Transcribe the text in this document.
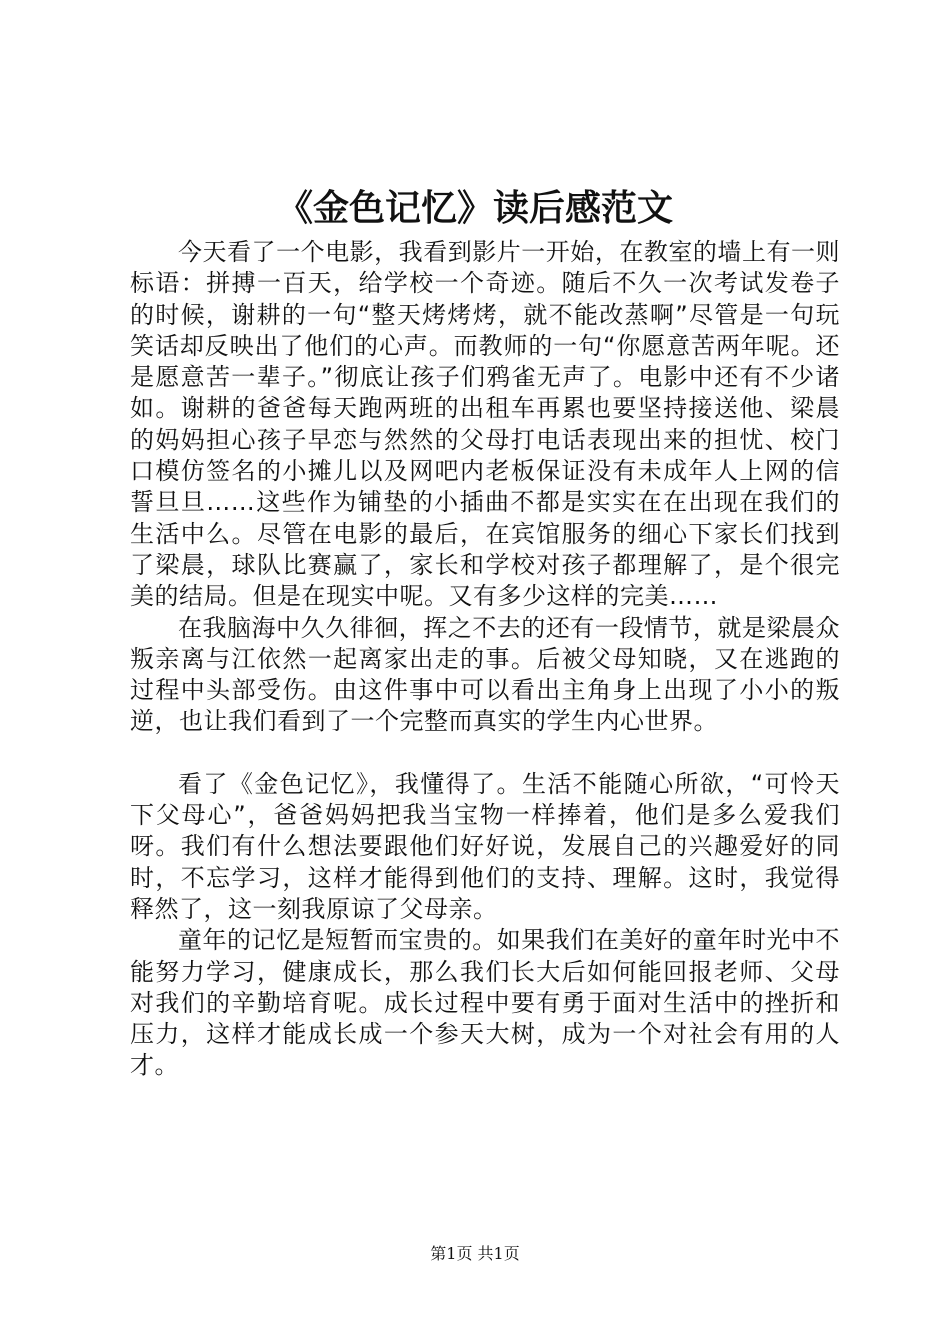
《金色记忆》读后感范文

今天看了一个电影，我看到影片一开始，在教室的墙上有一则标语：拼搏一百天，给学校一个奇迹。随后不久一次考试发卷子的时候，谢耕的一句“整天烤烤烤，就不能改蒸啊”尽管是一句玩笑话却反映出了他们的心声。而教师的一句“你愿意苦两年呢。还是愿意苦一辈子。”彻底让孩子们鸦雀无声了。电影中还有不少诸如。谢耕的爸爸每天跑两班的出租车再累也要坚持接送他、梁晨的妈妈担心孩子早恋与然然的父母打电话表现出来的担忧、校门口模仿签名的小摊儿以及网吧内老板保证没有未成年人上网的信誓旦旦……这些作为铺垫的小插曲不都是实实在在出现在我们的生活中么。尽管在电影的最后，在宾馆服务的细心下家长们找到了梁晨，球队比赛赢了，家长和学校对孩子都理解了，是个很完美的结局。但是在现实中呢。又有多少这样的完美……

在我脑海中久久徘徊，挥之不去的还有一段情节，就是梁晨众叛亲离与江依然一起离家出走的事。后被父母知晓，又在逃跑的过程中头部受伤。由这件事中可以看出主角身上出现了小小的叛逆，也让我们看到了一个完整而真实的学生内心世界。

看了《金色记忆》，我懂得了。生活不能随心所欲，“可怜天下父母心”，爸爸妈妈把我当宝物一样捧着，他们是多么爱我们呀。我们有什么想法要跟他们好好说，发展自己的兴趣爱好的同时，不忘学习，这样才能得到他们的支持、理解。这时，我觉得释然了，这一刻我原谅了父母亲。

童年的记忆是短暂而宝贵的。如果我们在美好的童年时光中不能努力学习，健康成长，那么我们长大后如何能回报老师、父母对我们的辛勤培育呢。成长过程中要有勇于面对生活中的挫折和压力，这样才能成长成一个参天大树，成为一个对社会有用的人才。

第1页 共1页
